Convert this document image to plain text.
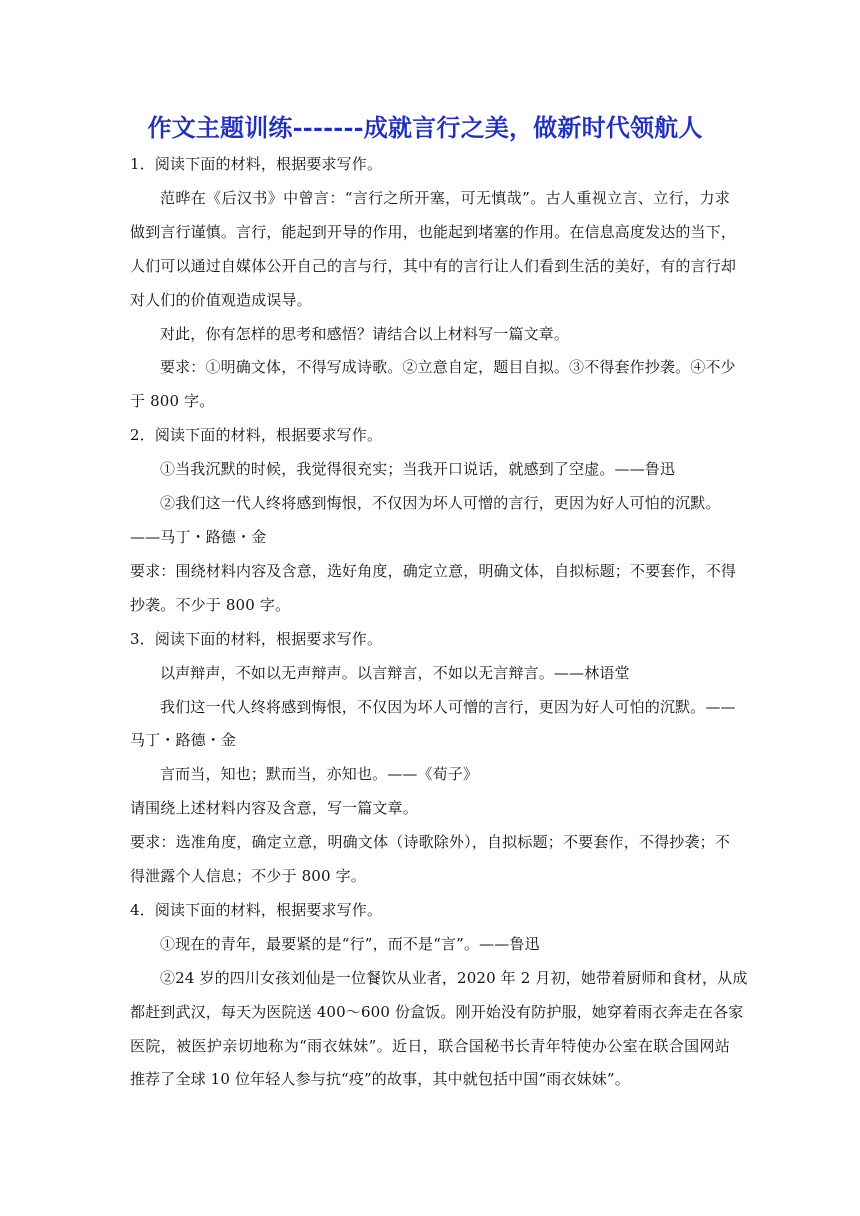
作文主题训练-------成就言行之美，做新时代领航人

1．阅读下面的材料，根据要求写作。

范晔在《后汉书》中曾言：“言行之所开塞，可无慎哉”。古人重视立言、立行，力求

做到言行谨慎。言行，能起到开导的作用，也能起到堵塞的作用。在信息高度发达的当下，

人们可以通过自媒体公开自己的言与行，其中有的言行让人们看到生活的美好，有的言行却

对人们的价值观造成误导。

对此，你有怎样的思考和感悟？请结合以上材料写一篇文章。

要求：①明确文体，不得写成诗歌。②立意自定，题目自拟。③不得套作抄袭。④不少

于 800 字。

2．阅读下面的材料，根据要求写作。

①当我沉默的时候，我觉得很充实；当我开口说话，就感到了空虚。——鲁迅

②我们这一代人终将感到悔恨，不仅因为坏人可憎的言行，更因为好人可怕的沉默。

——马丁・路德・金

要求：围绕材料内容及含意，选好角度，确定立意，明确文体，自拟标题；不要套作，不得

抄袭。不少于 800 字。

3．阅读下面的材料，根据要求写作。

以声辩声，不如以无声辩声。以言辩言，不如以无言辩言。——林语堂

我们这一代人终将感到悔恨，不仅因为坏人可憎的言行，更因为好人可怕的沉默。——

马丁・路德・金

言而当，知也；默而当，亦知也。——《荀子》

请围绕上述材料内容及含意，写一篇文章。

要求：选准角度，确定立意，明确文体（诗歌除外），自拟标题；不要套作，不得抄袭；不

得泄露个人信息；不少于 800 字。

4．阅读下面的材料，根据要求写作。

①现在的青年，最要紧的是“行”，而不是“言”。——鲁迅

②24 岁的四川女孩刘仙是一位餐饮从业者，2020 年 2 月初，她带着厨师和食材，从成

都赶到武汉，每天为医院送 400～600 份盒饭。刚开始没有防护服，她穿着雨衣奔走在各家

医院，被医护亲切地称为“雨衣妹妹”。近日，联合国秘书长青年特使办公室在联合国网站

推荐了全球 10 位年轻人参与抗“疫”的故事，其中就包括中国“雨衣妹妹”。
